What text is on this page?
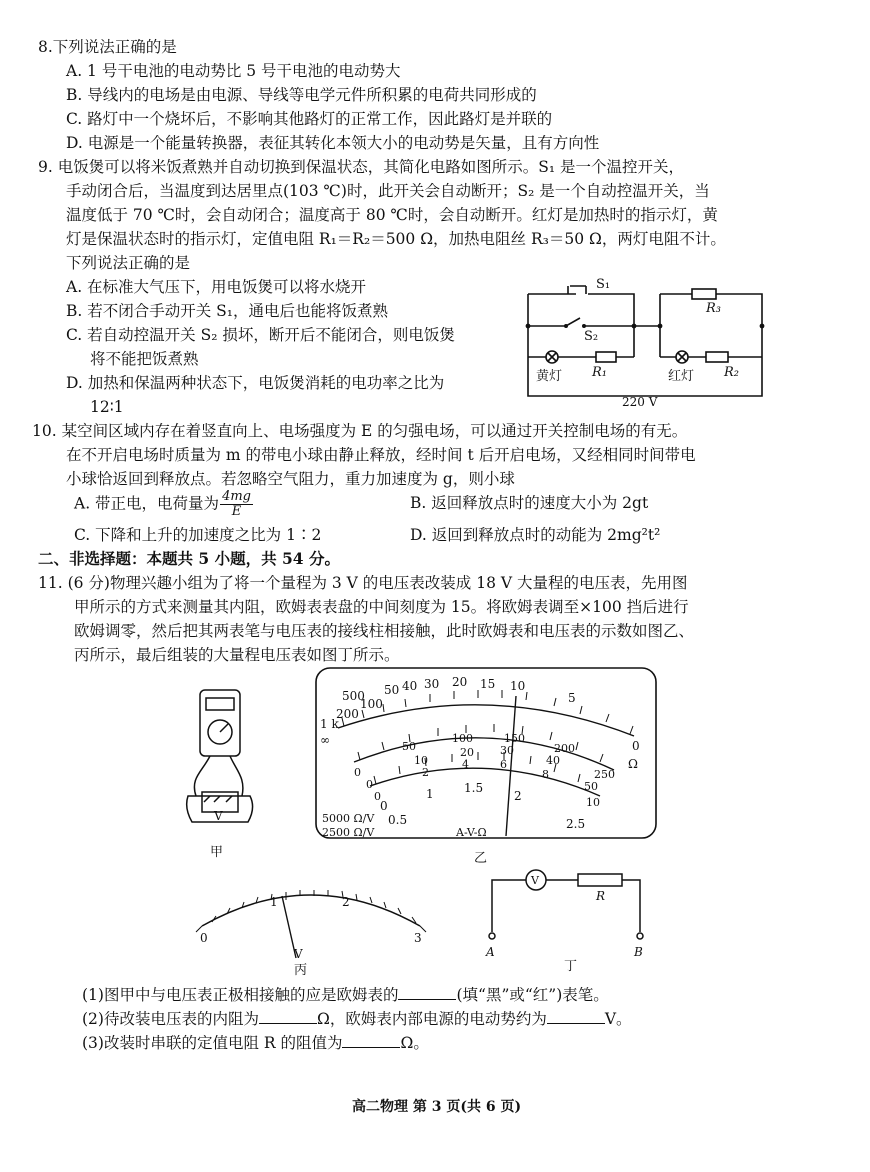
8.下列说法正确的是
A. 1 号干电池的电动势比 5 号干电池的电动势大
B. 导线内的电场是由电源、导线等电学元件所积累的电荷共同形成的
C. 路灯中一个烧坏后，不影响其他路灯的正常工作，因此路灯是并联的
D. 电源是一个能量转换器，表征其转化本领大小的电动势是矢量，且有方向性
9. 电饭煲可以将米饭煮熟并自动切换到保温状态，其简化电路如图所示。S₁ 是一个温控开关，
手动闭合后，当温度到达居里点(103 ℃)时，此开关会自动断开；S₂ 是一个自动控温开关，当
温度低于 70 ℃时，会自动闭合；温度高于 80 ℃时，会自动断开。红灯是加热时的指示灯，黄
灯是保温状态时的指示灯，定值电阻 R₁＝R₂＝500 Ω，加热电阻丝 R₃＝50 Ω，两灯电阻不计。
下列说法正确的是
A. 在标准大气压下，用电饭煲可以将水烧开
B. 若不闭合手动开关 S₁，通电后也能将饭煮熟
C. 若自动控温开关 S₂ 损坏，断开后不能闭合，则电饭煲
将不能把饭煮熟
D. 加热和保温两种状态下，电饭煲消耗的电功率之比为
12∶1
S₁
S₂
R₃
R₁	R₂
黄灯	红灯
220 V
10. 某空间区域内存在着竖直向上、电场强度为 E 的匀强电场，可以通过开关控制电场的有无。
在不开启电场时质量为 m 的带电小球由静止释放，经时间 t 后开启电场，又经相同时间带电
小球恰返回到释放点。若忽略空气阻力，重力加速度为 g，则小球
A. 带正电，电荷量为 $\frac{4mg}{E}$	B. 返回释放点时的速度大小为 2gt
C. 下降和上升的加速度之比为 1∶2	D. 返回到释放点时的动能为 2mg²t²
二、非选择题：本题共 5 小题，共 54 分。
11. (6 分)物理兴趣小组为了将一个量程为 3 V 的电压表改装成 18 V 大量程的电压表，先用图
甲所示的方式来测量其内阻，欧姆表表盘的中间刻度为 15。将欧姆表调至×100 挡后进行
欧姆调零，然后把其两表笔与电压表的接线柱相接触，此时欧姆表和电压表的示数如图乙、
丙所示，最后组装的大量程电压表如图丁所示。
V
甲
500 50 40 30 20 15 10
5
0
1 k
200
100
∞
Ω
0
50
100	150
200
250
0
10
20 30
40
50
0
2
4	6
8
10
0
0.5
1	1.5
2
2.5
5000 Ω/V
2500 Ω/V	A-V-Ω
乙
0
1	2
3
V
丙
V
R
A	B
丁
(1)图甲中与电压表正极相接触的应是欧姆表的	(填“黑”或“红”)表笔。
(2)待改装电压表的内阻为	Ω，欧姆表内部电源的电动势约为	V。
(3)改装时串联的定值电阻 R 的阻值为	Ω。
高二物理 第 3 页(共 6 页)
